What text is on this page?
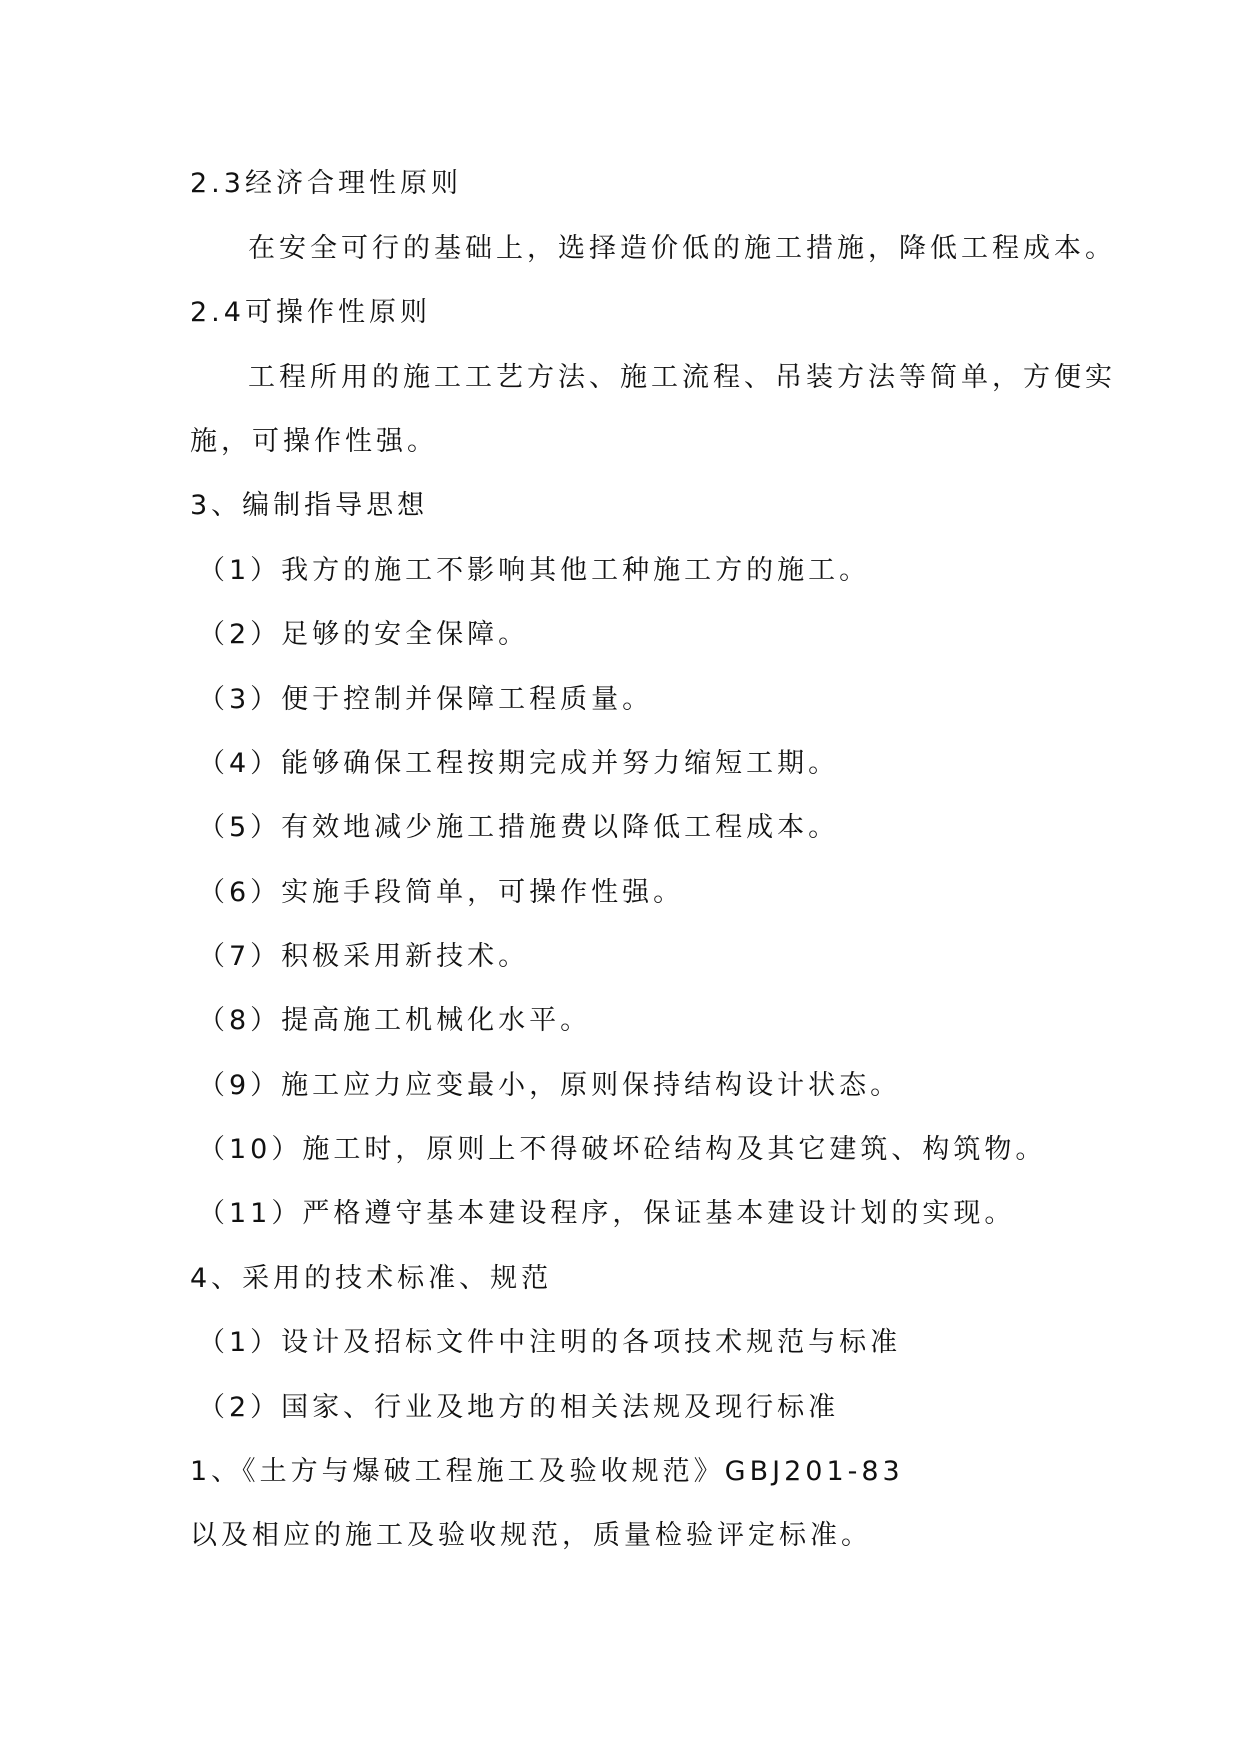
2.3经济合理性原则
在安全可行的基础上，选择造价低的施工措施，降低工程成本。
2.4可操作性原则
工程所用的施工工艺方法、施工流程、吊装方法等简单，方便实
施，可操作性强。
3、编制指导思想
（1）我方的施工不影响其他工种施工方的施工。
（2）足够的安全保障。
（3）便于控制并保障工程质量。
（4）能够确保工程按期完成并努力缩短工期。
（5）有效地减少施工措施费以降低工程成本。
（6）实施手段简单，可操作性强。
（7）积极采用新技术。
（8）提高施工机械化水平。
（9）施工应力应变最小，原则保持结构设计状态。
（10）施工时，原则上不得破坏砼结构及其它建筑、构筑物。
（11）严格遵守基本建设程序，保证基本建设计划的实现。
4、采用的技术标准、规范
（1）设计及招标文件中注明的各项技术规范与标准
（2）国家、行业及地方的相关法规及现行标准
1、《土方与爆破工程施工及验收规范》GBJ201-83
以及相应的施工及验收规范，质量检验评定标准。
